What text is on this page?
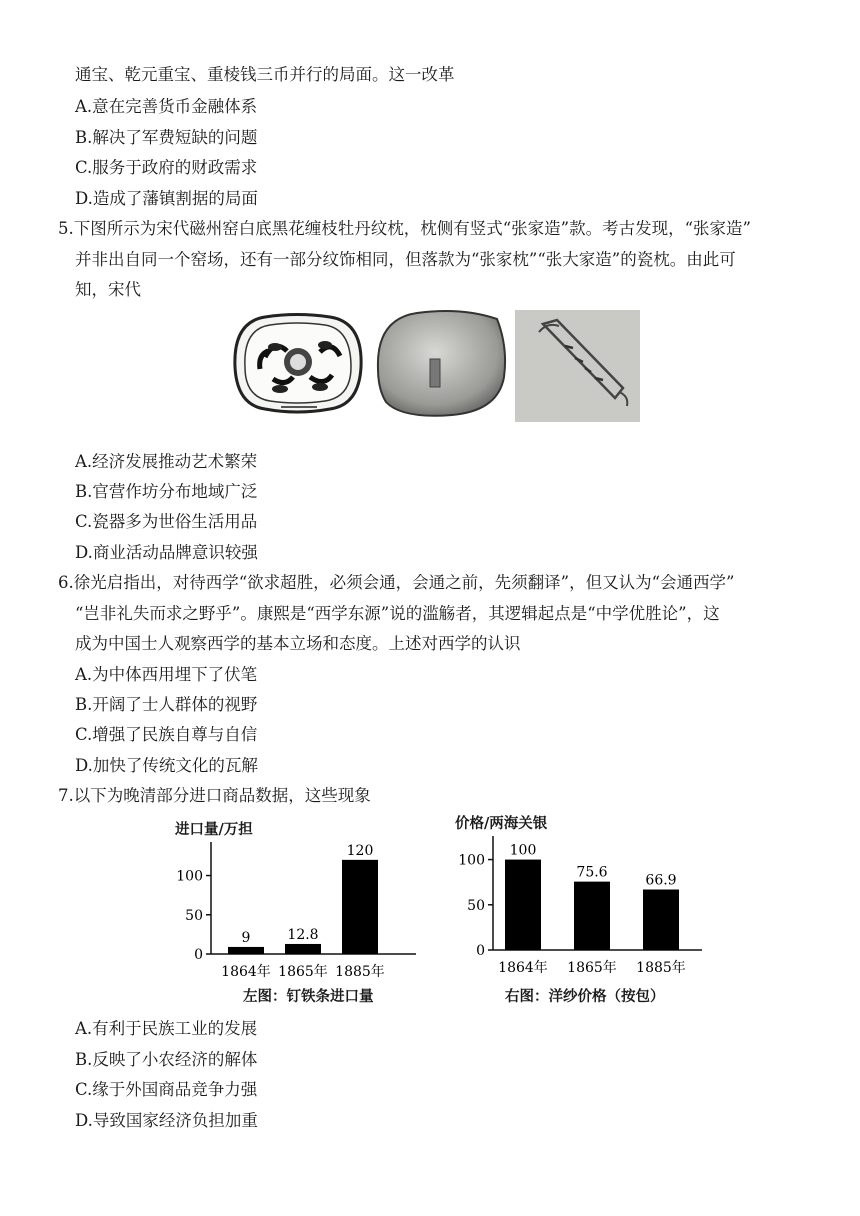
通宝、乾元重宝、重棱钱三币并行的局面。这一改革
A.意在完善货币金融体系
B.解决了军费短缺的问题
C.服务于政府的财政需求
D.造成了藩镇割据的局面
5.下图所示为宋代磁州窑白底黑花缠枝牡丹纹枕，枕侧有竖式“张家造”款。考古发现，“张家造”
并非出自同一个窑场，还有一部分纹饰相同，但落款为“张家枕”“张大家造”的瓷枕。由此可
知，宋代
A.经济发展推动艺术繁荣
B.官营作坊分布地域广泛
C.瓷器多为世俗生活用品
D.商业活动品牌意识较强
6.徐光启指出，对待西学“欲求超胜，必须会通，会通之前，先须翻译”，但又认为“会通西学”
“岂非礼失而求之野乎”。康熙是“西学东源”说的滥觞者，其逻辑起点是“中学优胜论”，这
成为中国士人观察西学的基本立场和态度。上述对西学的认识
A.为中体西用埋下了伏笔
B.开阔了士人群体的视野
C.增强了民族自尊与自信
D.加快了传统文化的瓦解
7.以下为晚清部分进口商品数据，这些现象
进口量/万担
0
50
100
9
1864年
12.8
1865年
120
1885年
左图：钉铁条进口量
价格/两海关银
0
50
100
100
1864年
75.6
1865年
66.9
1885年
右图：洋纱价格（按包）
A.有利于民族工业的发展
B.反映了小农经济的解体
C.缘于外国商品竞争力强
D.导致国家经济负担加重
